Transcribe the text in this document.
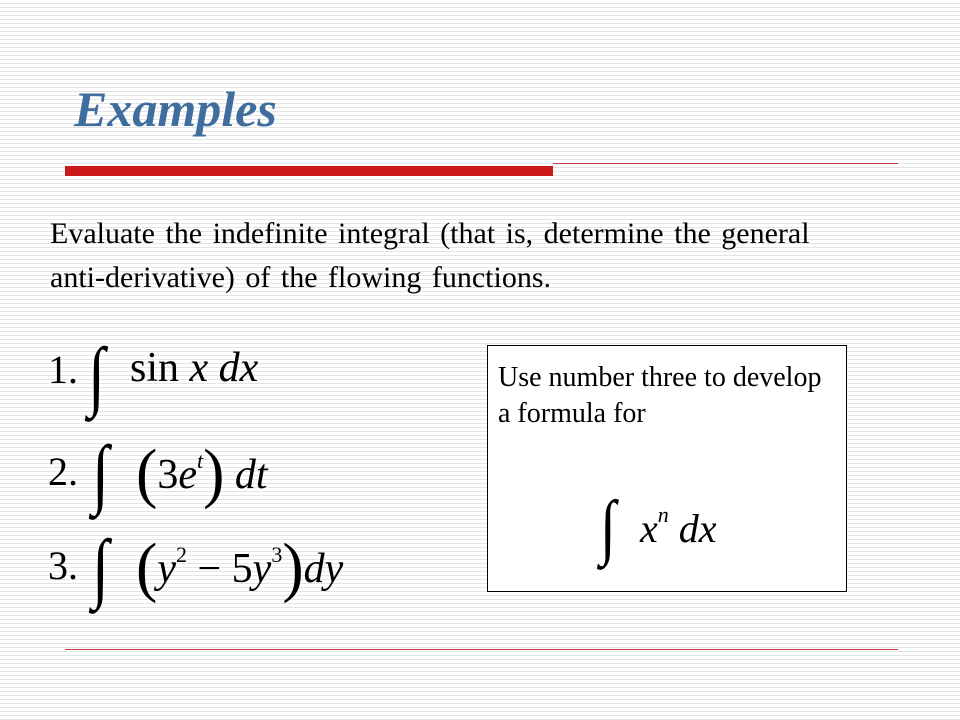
Examples
Evaluate the indefinite integral (that is, determine the general anti-derivative) of the flowing functions.
1. ∫ sin x dx
2. ∫ $(3e^t)$ dt
3. ∫ $(y^2 - 5y^3)dy$
Use number three to develop a formula for
∫ $x^n$ dx
